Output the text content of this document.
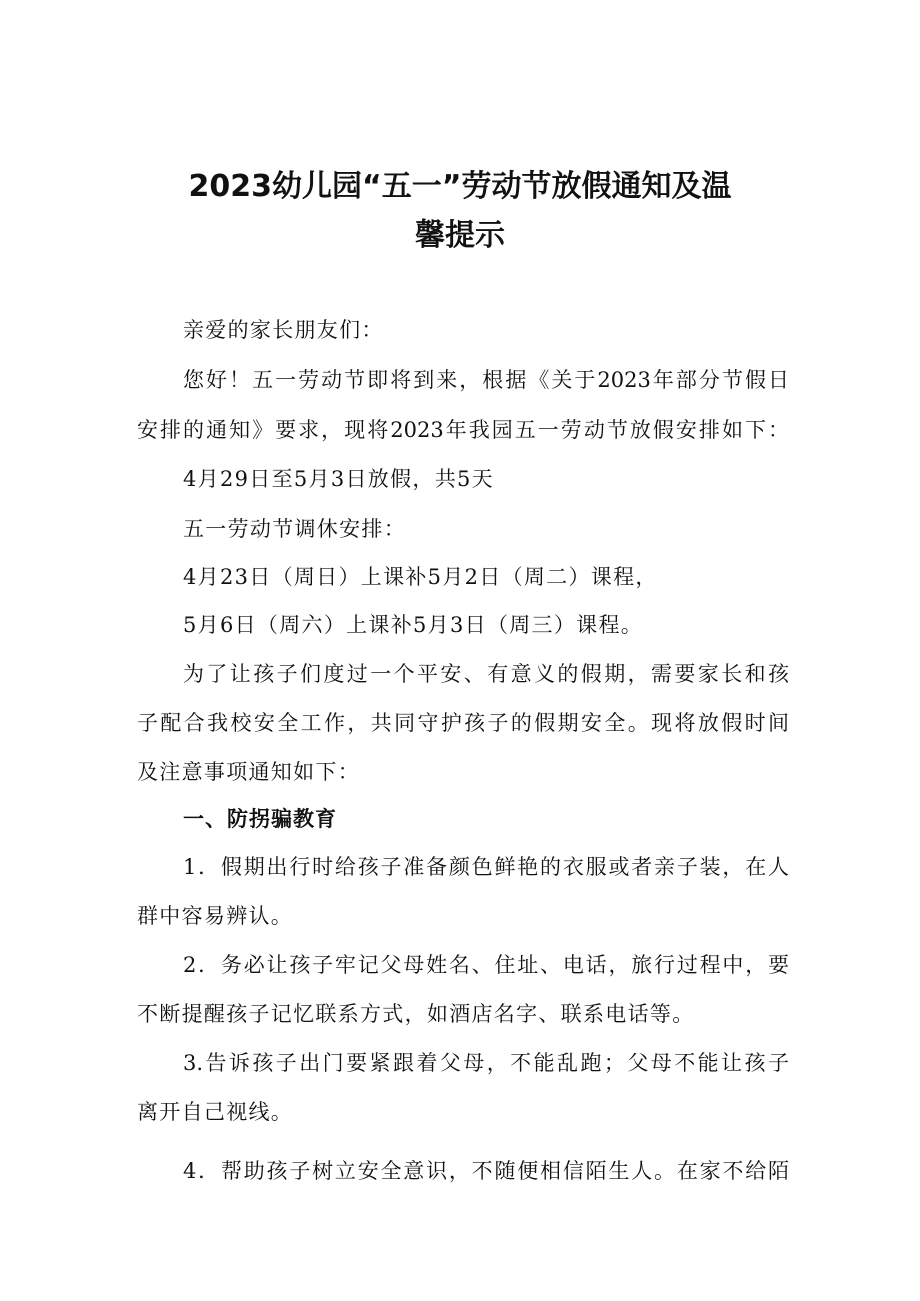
2023幼儿园“五一”劳动节放假通知及温
馨提示
亲爱的家长朋友们：
您好！五一劳动节即将到来，根据《关于2023年部分节假日
安排的通知》要求，现将2023年我园五一劳动节放假安排如下：
4月29日至5月3日放假，共5天
五一劳动节调休安排：
4月23日（周日）上课补5月2日（周二）课程，
5月6日（周六）上课补5月3日（周三）课程。
为了让孩子们度过一个平安、有意义的假期，需要家长和孩
子配合我校安全工作，共同守护孩子的假期安全。现将放假时间
及注意事项通知如下：
一、防拐骗教育
1．假期出行时给孩子准备颜色鲜艳的衣服或者亲子装，在人
群中容易辨认。
2．务必让孩子牢记父母姓名、住址、电话，旅行过程中，要
不断提醒孩子记忆联系方式，如酒店名字、联系电话等。
3.告诉孩子出门要紧跟着父母，不能乱跑；父母不能让孩子
离开自己视线。
4．帮助孩子树立安全意识，不随便相信陌生人。在家不给陌
